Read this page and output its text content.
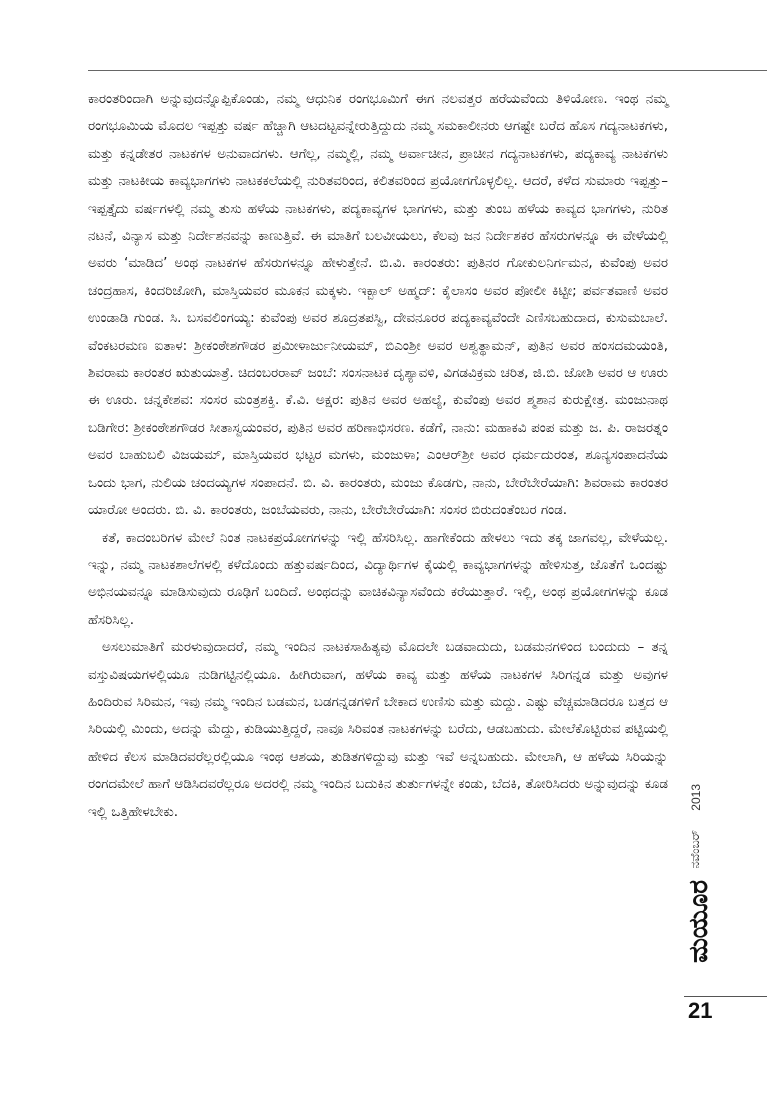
ಕಾರಂತರಿಂದಾಗಿ ಅನ್ನುವುದನ್ನೊಪ್ಪಿಕೊಂಡು, ನಮ್ಮ ಆಧುನಿಕ ರಂಗಭೂಮಿಗೆ ಈಗ ನಲವತ್ತರ ಹರೆಯವೆಂದು ತಿಳಿಯೋಣ. ಇಂಥ ನಮ್ಮ ರಂಗಭೂಮಿಯ ಮೊದಲ ಇಪ್ಪತ್ತು ವರ್ಷ ಹೆಚ್ಚಾಗಿ ಆಟದಟ್ಟವನ್ನೇರುತ್ತಿದ್ದುದು ನಮ್ಮ ಸಮಕಾಲೀನರು ಆಗಷ್ಟೇ ಬರೆದ ಹೊಸ ಗದ್ಯನಾಟಕಗಳು, ಮತ್ತು ಕನ್ನಡೇತರ ನಾಟಕಗಳ ಅನುವಾದಗಳು. ಆಗೆಲ್ಲ, ನಮ್ಮಲ್ಲಿ, ನಮ್ಮ ಅರ್ವಾಚೀನ, ಪ್ರಾಚೀನ ಗದ್ಯನಾಟಕಗಳು, ಪದ್ಯಕಾವ್ಯ ನಾಟಕಗಳು ಮತ್ತು ನಾಟಕೀಯ ಕಾವ್ಯಭಾಗಗಳು ನಾಟಕಕಲೆಯಲ್ಲಿ ನುರಿತವರಿಂದ, ಕಲಿತವರಿಂದ ಪ್ರಯೋಗಗೊಳ್ಳಲಿಲ್ಲ. ಆದರೆ, ಕಳೆದ ಸುಮಾರು ಇಪ್ಪತ್ತು–ಇಪ್ಪತ್ತೈದು ವರ್ಷಗಳಲ್ಲಿ ನಮ್ಮ ತುಸು ಹಳೆಯ ನಾಟಕಗಳು, ಪದ್ಯಕಾವ್ಯಗಳ ಭಾಗಗಳು, ಮತ್ತು ತುಂಬ ಹಳೆಯ ಕಾವ್ಯದ ಭಾಗಗಳು, ನುರಿತ ನಟನೆ, ವಿನ್ಯಾಸ ಮತ್ತು ನಿರ್ದೇಶನವನ್ನು ಕಾಣುತ್ತಿವೆ. ಈ ಮಾತಿಗೆ ಬಲವೀಯಲು, ಕೆಲವು ಜನ ನಿರ್ದೇಶಕರ ಹೆಸರುಗಳನ್ನೂ ಈ ವೇಳೆಯಲ್ಲಿ ಅವರು ‘ಮಾಡಿದ’ ಅಂಥ ನಾಟಕಗಳ ಹೆಸರುಗಳನ್ನೂ ಹೇಳುತ್ತೇನೆ. ಬಿ.ವಿ. ಕಾರಂತರು: ಪುತಿನರ ಗೋಕುಲನಿರ್ಗಮನ, ಕುವೆಂಪು ಅವರ ಚಂದ್ರಹಾಸ, ಕಿಂದರಿಜೋಗಿ, ಮಾಸ್ತಿಯವರ ಮೂಕನ ಮಕ್ಕಳು. ಇಕ್ಬಾಲ್ ಅಹ್ಮದ್: ಕೈಲಾಸಂ ಅವರ ಪೋಲೀ ಕಿಟ್ಟೀ; ಪರ್ವತವಾಣಿ ಅವರ ಉಂಡಾಡಿ ಗುಂಡ. ಸಿ. ಬಸವಲಿಂಗಯ್ಯ: ಕುವೆಂಪು ಅವರ ಶೂದ್ರತಪಸ್ವಿ, ದೇವನೂರರ ಪದ್ಯಕಾವ್ಯವೆಂದೇ ಎಣಿಸಬಹುದಾದ, ಕುಸುಮಬಾಲೆ. ವೆಂಕಟರಮಣ ಐತಾಳ: ಶ್ರೀಕಂಠೇಶಗೌಡರ ಪ್ರಮೀಳಾರ್ಜುನೀಯಮ್, ಬಿಎಂಶ್ರೀ ಅವರ ಅಶ್ವತ್ಥಾಮನ್, ಪುತಿನ ಅವರ ಹಂಸದಮಯಂತಿ, ಶಿವರಾಮ ಕಾರಂತರ ಋತುಯಾತ್ರೆ. ಚಿದಂಬರರಾವ್ ಜಂಬೆ: ಸಂಸನಾಟಕ ದೃಶ್ಯಾವಳಿ, ವಿಗಡವಿಕ್ರಮ ಚರಿತ, ಜಿ.ಬಿ. ಜೋಶಿ ಅವರ ಆ ಊರು ಈ ಊರು. ಚನ್ನಕೇಶವ: ಸಂಸರ ಮಂತ್ರಶಕ್ತಿ. ಕೆ.ವಿ. ಅಕ್ಷರ: ಪುತಿನ ಅವರ ಅಹಲ್ಯೆ, ಕುವೆಂಪು ಅವರ ಶ್ಮಶಾನ ಕುರುಕ್ಷೇತ್ರ. ಮಂಜುನಾಥ ಬಡಿಗೇರ: ಶ್ರೀಕಂಠೇಶಗೌಡರ ಸೀತಾಸ್ವಯಂವರ, ಪುತಿನ ಅವರ ಹರಿಣಾಭಿಸರಣ. ಕಡೆಗೆ, ನಾನು: ಮಹಾಕವಿ ಪಂಪ ಮತ್ತು ಜ. ಪಿ. ರಾಜರತ್ನಂ ಅವರ ಬಾಹುಬಲಿ ವಿಜಯಮ್, ಮಾಸ್ತಿಯವರ ಭಟ್ಟರ ಮಗಳು, ಮಂಜುಳಾ; ಎಂಆರ್‌ಶ್ರೀ ಅವರ ಧರ್ಮದುರಂತ, ಶೂನ್ಯಸಂಪಾದನೆಯ ಒಂದು ಭಾಗ, ನುಲಿಯ ಚಂದಯ್ಯಗಳ ಸಂಪಾದನೆ. ಬಿ. ವಿ. ಕಾರಂತರು, ಮಂಜು ಕೊಡಗು, ನಾನು, ಬೇರೆಬೇರೆಯಾಗಿ: ಶಿವರಾಮ ಕಾರಂತರ ಯಾರೋ ಅಂದರು. ಬಿ. ವಿ. ಕಾರಂತರು, ಜಂಬೆಯವರು, ನಾನು, ಬೇರೆಬೇರೆಯಾಗಿ: ಸಂಸರ ಬಿರುದಂತೆಂಬರ ಗಂಡ.

ಕತೆ, ಕಾದಂಬರಿಗಳ ಮೇಲೆ ನಿಂತ ನಾಟಕಪ್ರಯೋಗಗಳನ್ನು ಇಲ್ಲಿ ಹೆಸರಿಸಿಲ್ಲ. ಹಾಗೇಕೆಂದು ಹೇಳಲು ಇದು ತಕ್ಕ ಜಾಗವಲ್ಲ, ವೇಳೆಯಲ್ಲ. ಇನ್ನು, ನಮ್ಮ ನಾಟಕಶಾಲೆಗಳಲ್ಲಿ ಕಳೆದೊಂದು ಹತ್ತುವರ್ಷದಿಂದ, ವಿದ್ಯಾರ್ಥಿಗಳ ಕೈಯಲ್ಲಿ ಕಾವ್ಯಭಾಗಗಳನ್ನು ಹೇಳಿಸುತ್ತ, ಜೊತೆಗೆ ಒಂದಷ್ಟು ಅಭಿನಯವನ್ನೂ ಮಾಡಿಸುವುದು ರೂಢಿಗೆ ಬಂದಿದೆ. ಅಂಥದನ್ನು ವಾಚಿಕವಿನ್ಯಾಸವೆಂದು ಕರೆಯುತ್ತಾರೆ. ಇಲ್ಲಿ, ಅಂಥ ಪ್ರಯೋಗಗಳನ್ನು ಕೂಡ ಹೆಸರಿಸಿಲ್ಲ.

ಅಸಲುಮಾತಿಗೆ ಮರಳುವುದಾದರೆ, ನಮ್ಮ ಇಂದಿನ ನಾಟಕಸಾಹಿತ್ಯವು ಮೊದಲೇ ಬಡವಾದುದು, ಬಡಮನಗಳಿಂದ ಬಂದುದು – ತನ್ನ ವಸ್ತುವಿಷಯಗಳಲ್ಲಿಯೂ ನುಡಿಗಟ್ಟಿನಲ್ಲಿಯೂ. ಹೀಗಿರುವಾಗ, ಹಳೆಯ ಕಾವ್ಯ ಮತ್ತು ಹಳೆಯ ನಾಟಕಗಳ ಸಿರಿಗನ್ನಡ ಮತ್ತು ಅವುಗಳ ಹಿಂದಿರುವ ಸಿರಿಮನ, ಇವು ನಮ್ಮ ಇಂದಿನ ಬಡಮನ, ಬಡಗನ್ನಡಗಳಿಗೆ ಬೇಕಾದ ಉಣಿಸು ಮತ್ತು ಮದ್ದು. ಎಷ್ಟು ವೆಚ್ಚಮಾಡಿದರೂ ಬತ್ತದ ಆ ಸಿರಿಯಲ್ಲಿ ಮಿಂದು, ಅದನ್ನು ಮೆದ್ದು, ಕುಡಿಯುತ್ತಿದ್ದರೆ, ನಾವೂ ಸಿರಿವಂತ ನಾಟಕಗಳನ್ನು ಬರೆದು, ಆಡಬಹುದು. ಮೇಲೆಕೊಟ್ಟಿರುವ ಪಟ್ಟಿಯಲ್ಲಿ ಹೇಳಿದ ಕೆಲಸ ಮಾಡಿದವರೆಲ್ಲರಲ್ಲಿಯೂ ಇಂಥ ಆಶಯ, ತುಡಿತಗಳಿದ್ದುವು ಮತ್ತು ಇವೆ ಅನ್ನಬಹುದು. ಮೇಲಾಗಿ, ಆ ಹಳೆಯ ಸಿರಿಯನ್ನು ರಂಗದಮೇಲೆ ಹಾಗೆ ಆಡಿಸಿದವರೆಲ್ಲರೂ ಅದರಲ್ಲಿ ನಮ್ಮ ಇಂದಿನ ಬದುಕಿನ ತುರ್ತುಗಳನ್ನೇ ಕಂಡು, ಬೆದಕಿ, ತೋರಿಸಿದರು ಅನ್ನುವುದನ್ನು ಕೂಡ ಇಲ್ಲಿ ಒತ್ತಿಹೇಳಬೇಕು.

2013
ನವೆಂಬರ್
ಮಯೂರ
21
